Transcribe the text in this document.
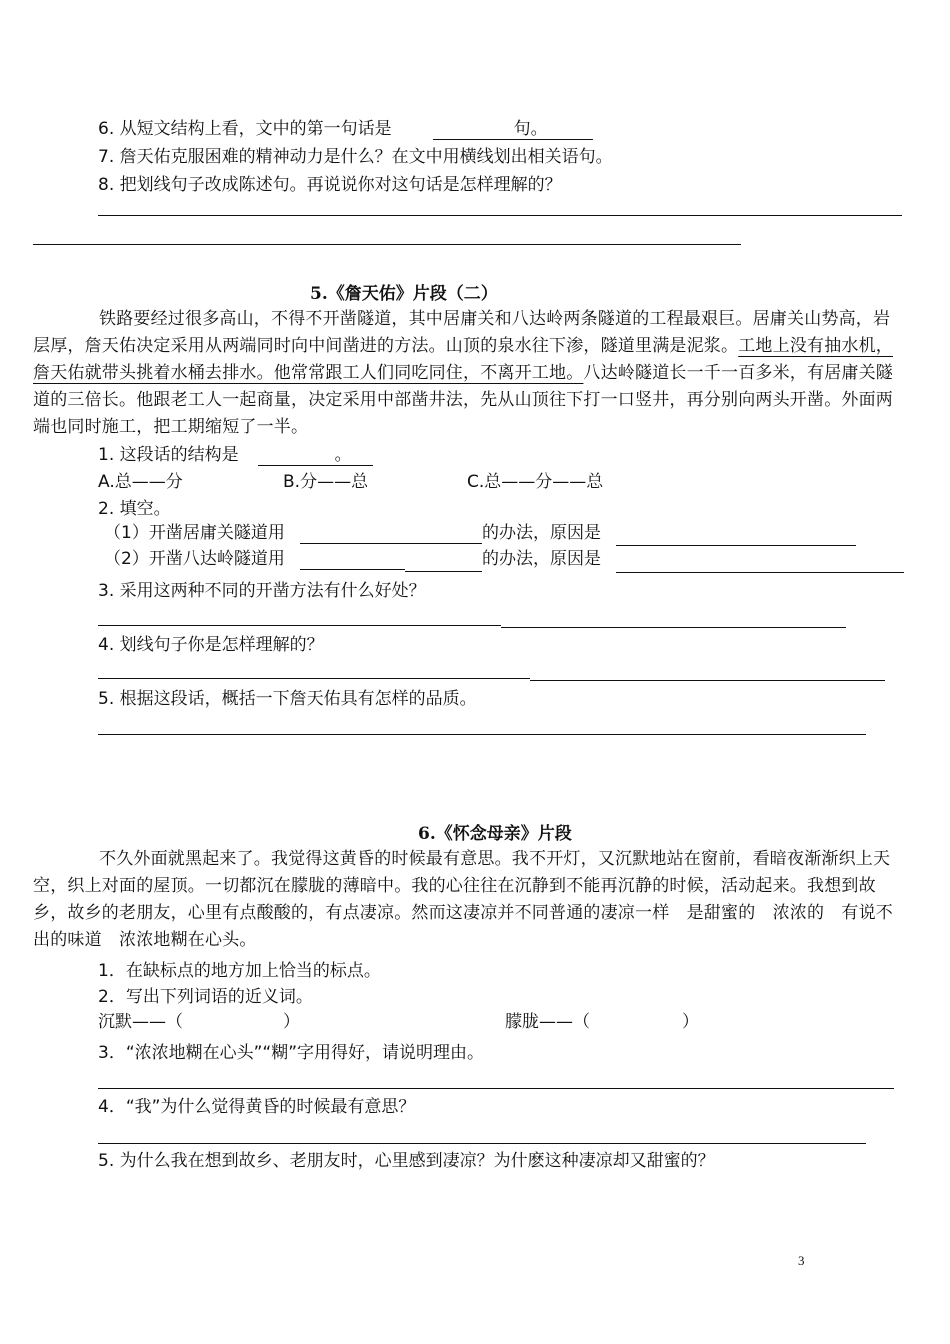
6. 从短文结构上看，文中的第一句话是	句。
7. 詹天佑克服困难的精神动力是什么？在文中用横线划出相关语句。
8. 把划线句子改成陈述句。再说说你对这句话是怎样理解的？
5.《詹天佑》片段（二）
铁路要经过很多高山，不得不开凿隧道，其中居庸关和八达岭两条隧道的工程最艰巨。居庸关山势高，岩层厚，詹天佑决定采用从两端同时向中间凿进的方法。山顶的泉水往下渗，隧道里满是泥浆。工地上没有抽水机，詹天佑就带头挑着水桶去排水。他常常跟工人们同吃同住，不离开工地。八达岭隧道长一千一百多米，有居庸关隧道的三倍长。他跟老工人一起商量，决定采用中部凿井法，先从山顶往下打一口竖井，再分别向两头开凿。外面两端也同时施工，把工期缩短了一半。
1. 这段话的结构是	。
A.总——分	B.分——总	C.总——分——总
2. 填空。
（1）开凿居庸关隧道用	的办法，原因是
（2）开凿八达岭隧道用	的办法，原因是
3. 采用这两种不同的开凿方法有什么好处？
4. 划线句子你是怎样理解的？
5. 根据这段话，概括一下詹天佑具有怎样的品质。
6.《怀念母亲》片段
不久外面就黑起来了。我觉得这黄昏的时候最有意思。我不开灯，又沉默地站在窗前，看暗夜渐渐织上天空，织上对面的屋顶。一切都沉在朦胧的薄暗中。我的心往往在沉静到不能再沉静的时候，活动起来。我想到故乡，故乡的老朋友，心里有点酸酸的，有点凄凉。然而这凄凉并不同普通的凄凉一样　是甜蜜的　浓浓的　有说不出的味道　浓浓地糊在心头。
1．在缺标点的地方加上恰当的标点。
2．写出下列词语的近义词。
沉默——（	）	朦胧——（	）
3．“浓浓地糊在心头”“糊”字用得好，请说明理由。
4．“我”为什么觉得黄昏的时候最有意思？
5. 为什么我在想到故乡、老朋友时，心里感到凄凉？为什麽这种凄凉却又甜蜜的？
3
